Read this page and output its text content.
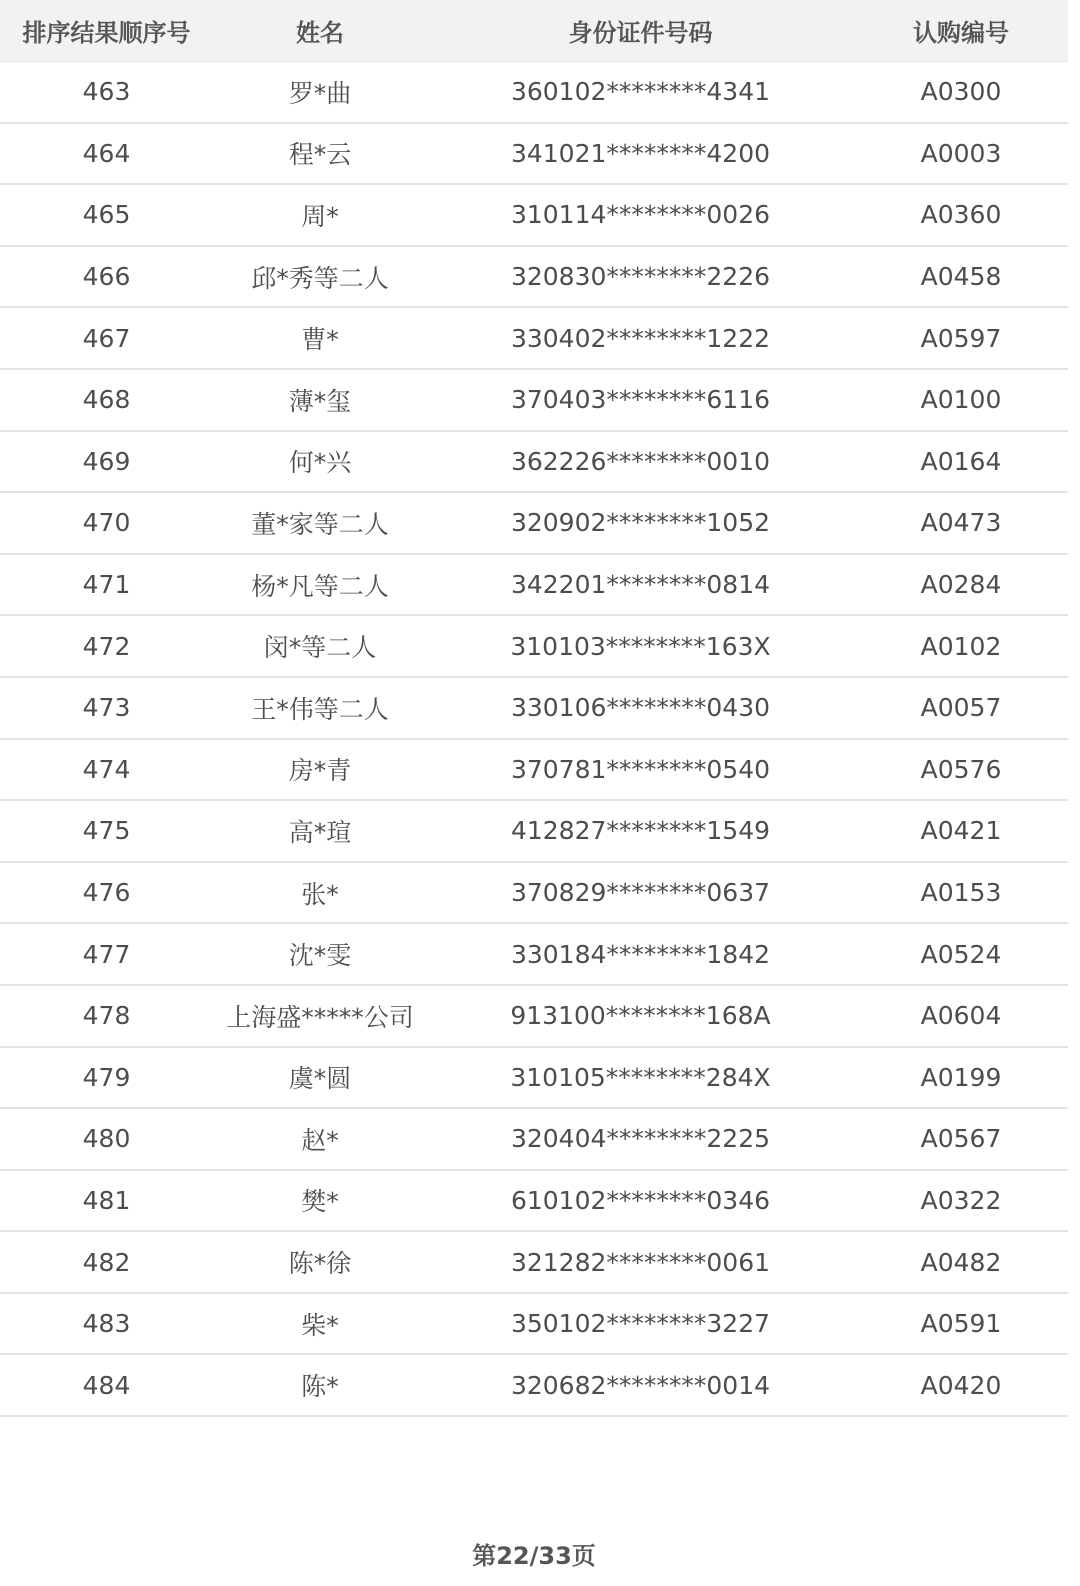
排序结果顺序号	姓名	身份证件号码	认购编号
463	罗*曲	360102********4341	A0300
464	程*云	341021********4200	A0003
465	周*	310114********0026	A0360
466	邱*秀等二人	320830********2226	A0458
467	曹*	330402********1222	A0597
468	薄*玺	370403********6116	A0100
469	何*兴	362226********0010	A0164
470	董*家等二人	320902********1052	A0473
471	杨*凡等二人	342201********0814	A0284
472	闵*等二人	310103********163X	A0102
473	王*伟等二人	330106********0430	A0057
474	房*青	370781********0540	A0576
475	高*瑄	412827********1549	A0421
476	张*	370829********0637	A0153
477	沈*雯	330184********1842	A0524
478	上海盛*****公司	913100********168A	A0604
479	虞*圆	310105********284X	A0199
480	赵*	320404********2225	A0567
481	樊*	610102********0346	A0322
482	陈*徐	321282********0061	A0482
483	柴*	350102********3227	A0591
484	陈*	320682********0014	A0420
第22/33页
